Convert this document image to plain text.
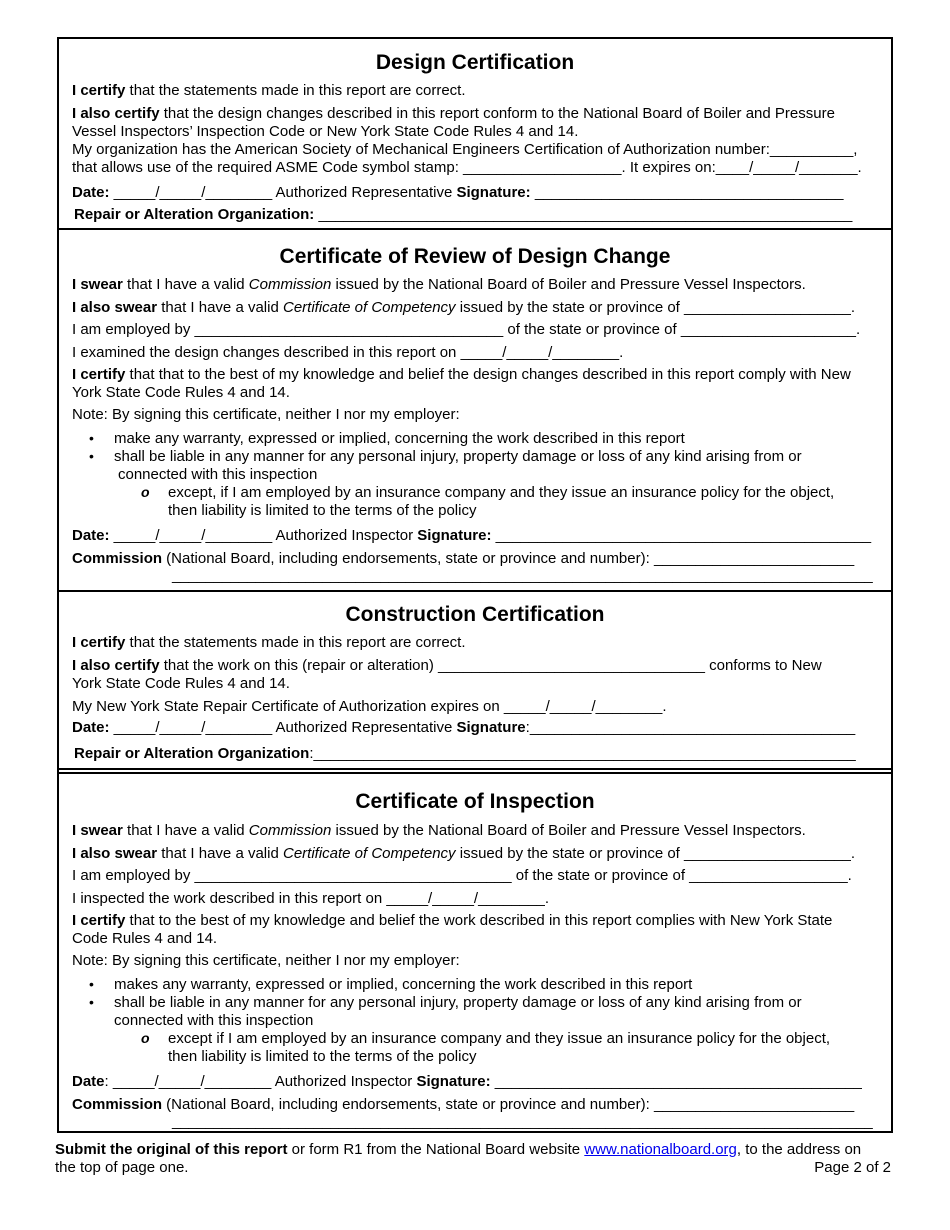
Design Certification
I certify that the statements made in this report are correct.
I also certify that the design changes described in this report conform to the National Board of Boiler and Pressure
Vessel Inspectors’ Inspection Code or New York State Code Rules 4 and 14.
My organization has the American Society of Mechanical Engineers Certification of Authorization number:__________,
that allows use of the required ASME Code symbol stamp: ___________________. It expires on:____/_____/_______.
Date: _____/_____/________ Authorized Representative Signature: _____________________________________
Repair or Alteration Organization: ________________________________________________________________
Certificate of Review of Design Change
I swear that I have a valid Commission issued by the National Board of Boiler and Pressure Vessel Inspectors.
I also swear that I have a valid Certificate of Competency issued by the state or province of ____________________.
I am employed by _____________________________________ of the state or province of _____________________.
I examined the design changes described in this report on _____/_____/________.
I certify that that to the best of my knowledge and belief the design changes described in this report comply with New
York State Code Rules 4 and 14.
Note: By signing this certificate, neither I nor my employer:
• make any warranty, expressed or implied, concerning the work described in this report
• shall be liable in any manner for any personal injury, property damage or loss of any kind arising from or
connected with this inspection
o except, if I am employed by an insurance company and they issue an insurance policy for the object,
then liability is limited to the terms of the policy
Date: _____/_____/________ Authorized Inspector Signature: _____________________________________________
Commission (National Board, including endorsements, state or province and number): ________________________
____________________________________________________________________________________
Construction Certification
I certify that the statements made in this report are correct.
I also certify that the work on this (repair or alteration) ________________________________ conforms to New
York State Code Rules 4 and 14.
My New York State Repair Certificate of Authorization expires on _____/_____/________.
Date: _____/_____/________ Authorized Representative Signature:_______________________________________
Repair or Alteration Organization:_________________________________________________________________
Certificate of Inspection
I swear that I have a valid Commission issued by the National Board of Boiler and Pressure Vessel Inspectors.
I also swear that I have a valid Certificate of Competency issued by the state or province of ____________________.
I am employed by ______________________________________ of the state or province of ___________________.
I inspected the work described in this report on _____/_____/________.
I certify that to the best of my knowledge and belief the work described in this report complies with New York State
Code Rules 4 and 14.
Note: By signing this certificate, neither I nor my employer:
• makes any warranty, expressed or implied, concerning the work described in this report
• shall be liable in any manner for any personal injury, property damage or loss of any kind arising from or
connected with this inspection
o except if I am employed by an insurance company and they issue an insurance policy for the object,
then liability is limited to the terms of the policy
Date: _____/_____/________ Authorized Inspector Signature: ____________________________________________
Commission (National Board, including endorsements, state or province and number): ________________________
____________________________________________________________________________________
Submit the original of this report or form R1 from the National Board website www.nationalboard.org, to the address on
the top of page one.	Page 2 of 2
